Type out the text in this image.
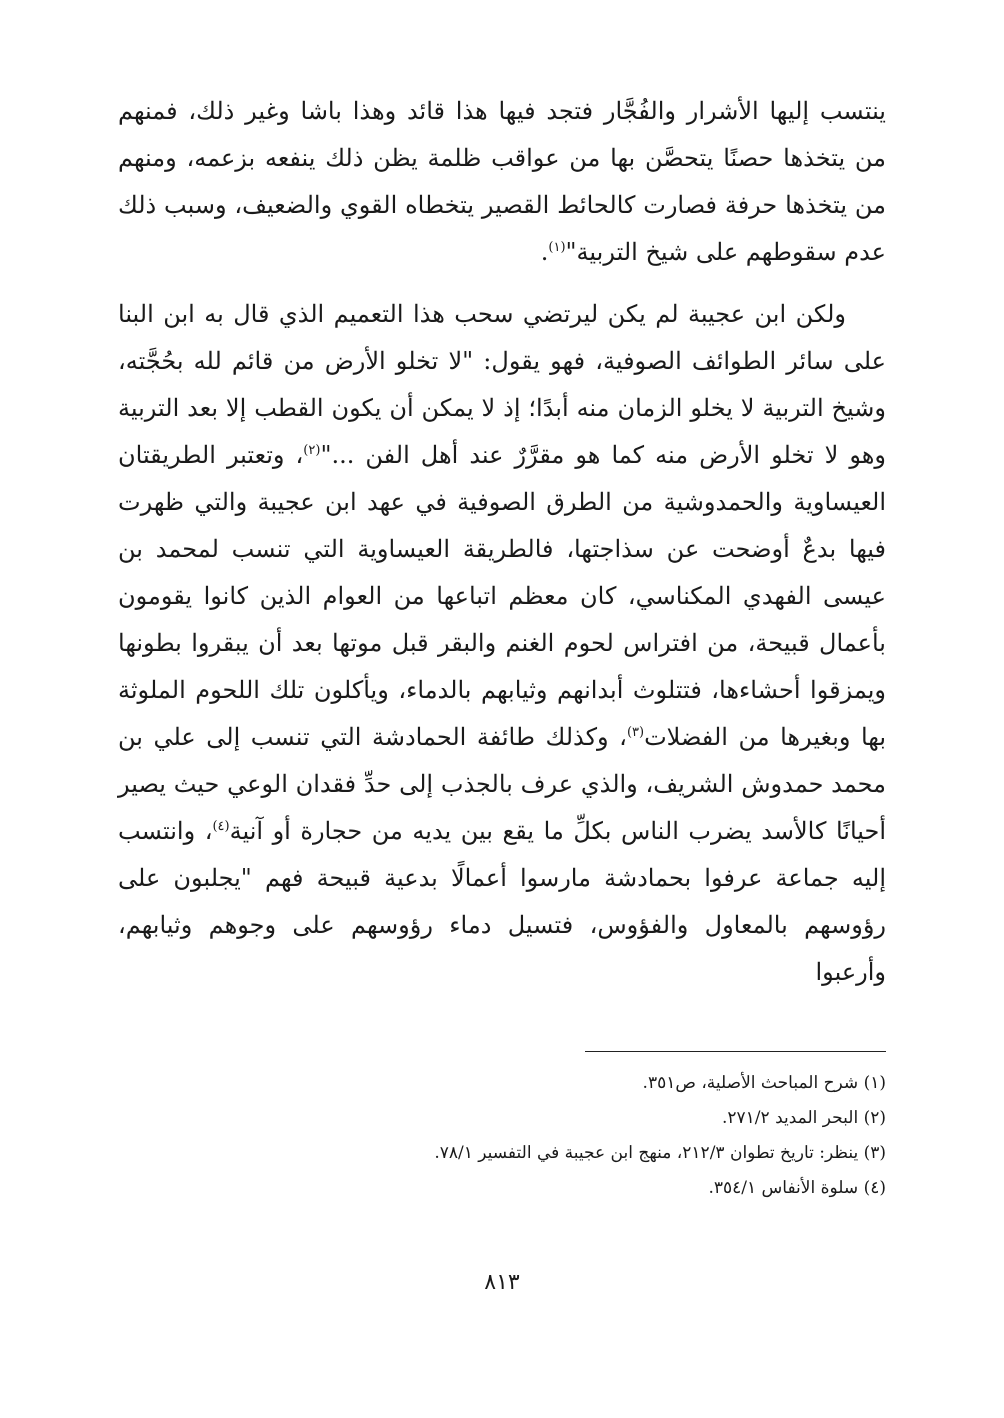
ينتسب إليها الأشرار والفُجَّار فتجد فيها هذا قائد وهذا باشا وغير ذلك، فمنهم من يتخذها حصنًا يتحصَّن بها من عواقب ظلمة يظن ذلك ينفعه بزعمه، ومنهم من يتخذها حرفة فصارت كالحائط القصير يتخطاه القوي والضعيف، وسبب ذلك عدم سقوطهم على شيخ التربية"$^{(١)}$.

ولكن ابن عجيبة لم يكن ليرتضي سحب هذا التعميم الذي قال به ابن البنا على سائر الطوائف الصوفية، فهو يقول: "لا تخلو الأرض من قائم لله بحُجَّته، وشيخ التربية لا يخلو الزمان منه أبدًا؛ إذ لا يمكن أن يكون القطب إلا بعد التربية وهو لا تخلو الأرض منه كما هو مقرَّرٌ عند أهل الفن ..."$^{(٢)}$، وتعتبر الطريقتان العيساوية والحمدوشية من الطرق الصوفية في عهد ابن عجيبة والتي ظهرت فيها بدعٌ أوضحت عن سذاجتها، فالطريقة العيساوية التي تنسب لمحمد بن عيسى الفهدي المكناسي، كان معظم اتباعها من العوام الذين كانوا يقومون بأعمال قبيحة، من افتراس لحوم الغنم والبقر قبل موتها بعد أن يبقروا بطونها ويمزقوا أحشاءها، فتتلوث أبدانهم وثيابهم بالدماء، ويأكلون تلك اللحوم الملوثة بها وبغيرها من الفضلات$^{(٣)}$، وكذلك طائفة الحمادشة التي تنسب إلى علي بن محمد حمدوش الشريف، والذي عرف بالجذب إلى حدِّ فقدان الوعي حيث يصير أحيانًا كالأسد يضرب الناس بكلِّ ما يقع بين يديه من حجارة أو آنية$^{(٤)}$، وانتسب إليه جماعة عرفوا بحمادشة مارسوا أعمالًا بدعية قبيحة فهم "يجلبون على رؤوسهم بالمعاول والفؤوس، فتسيل دماء رؤوسهم على وجوهم وثيابهم، وأرعبوا

(١) شرح المباحث الأصلية، ص٣٥١.

(٢) البحر المديد ٢٧١/٢.

(٣) ينظر: تاريخ تطوان ٢١٢/٣، منهج ابن عجيبة في التفسير ٧٨/١.

(٤) سلوة الأنفاس ٣٥٤/١.

٨١٣
